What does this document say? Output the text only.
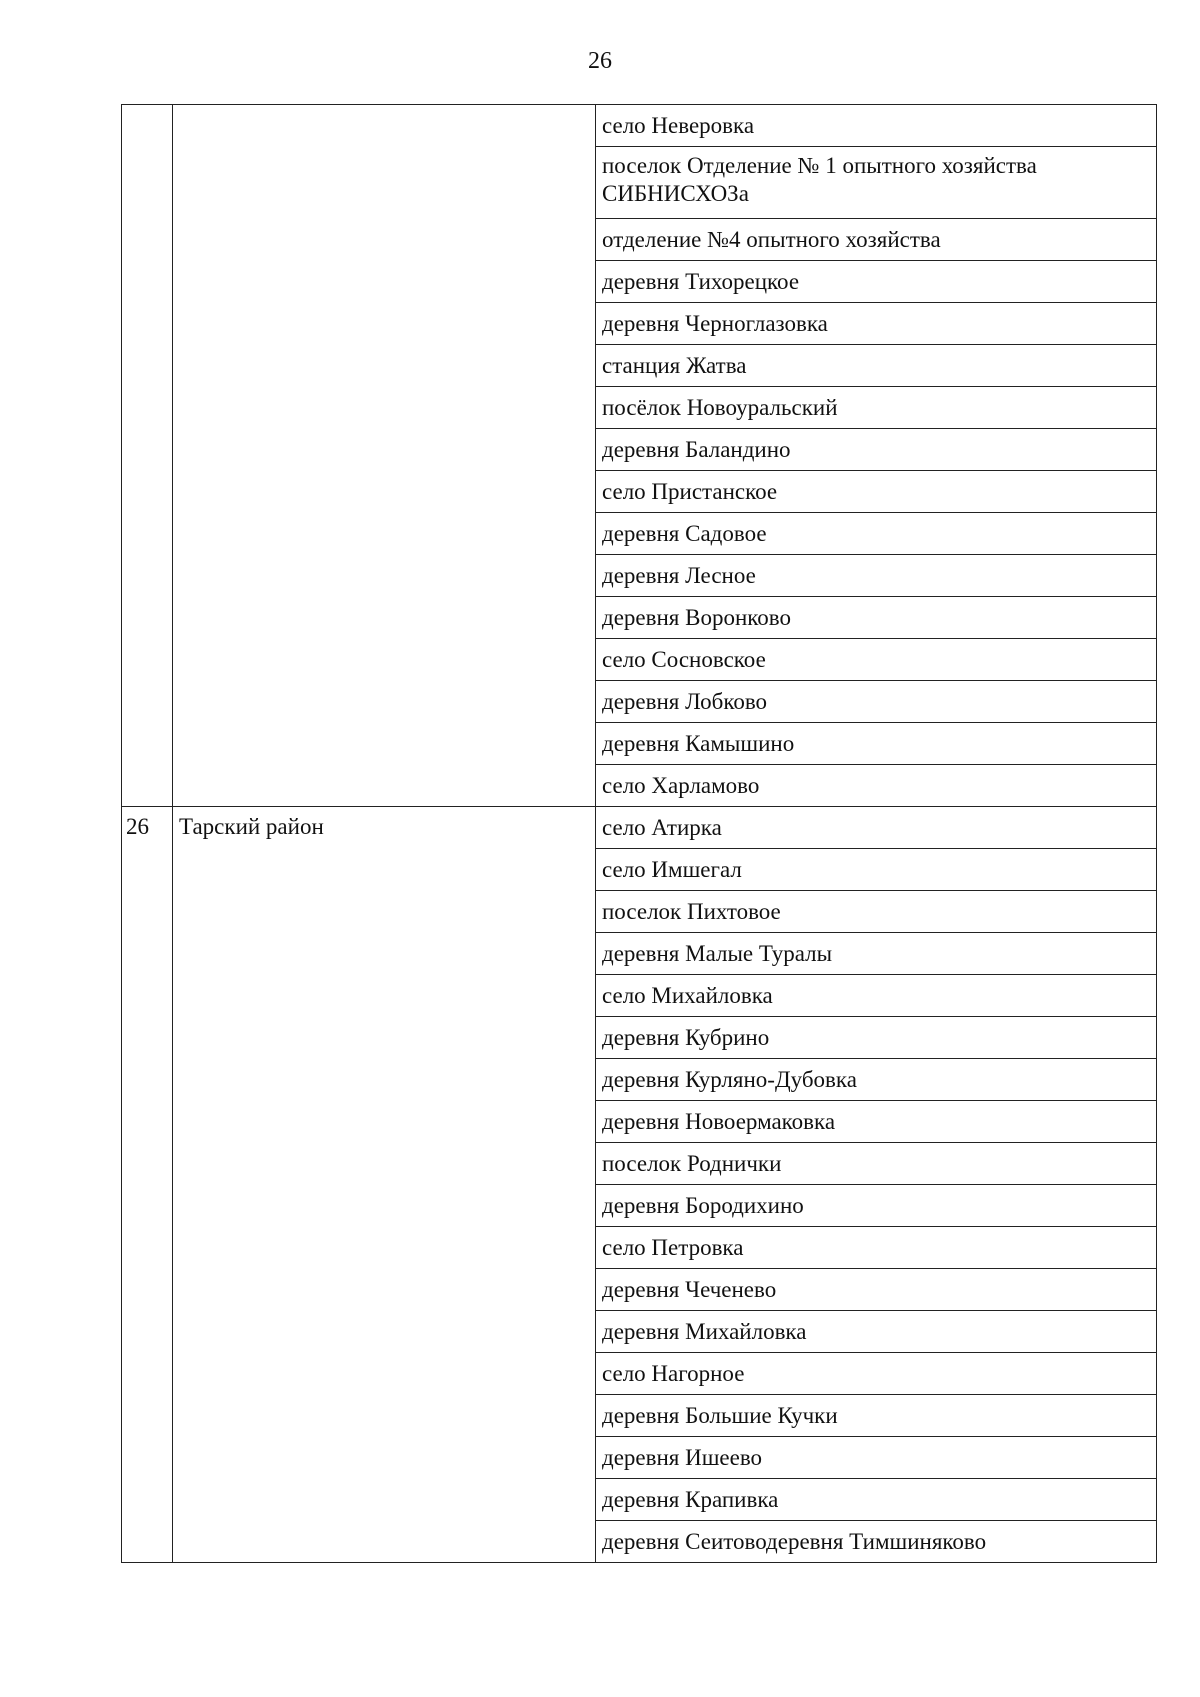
26
		село Неверовка
		поселок Отделение № 1 опытного хозяйства СИБНИСХОЗа
		отделение №4 опытного хозяйства
		деревня Тихорецкое
		деревня Черноглазовка
		станция Жатва
		посёлок Новоуральский
		деревня Баландино
		село Пристанское
		деревня Садовое
		деревня Лесное
		деревня Воронково
		село Сосновское
		деревня Лобково
		деревня Камышино
		село Харламово
26	Тарский район	село Атирка
		село Имшегал
		поселок Пихтовое
		деревня Малые Туралы
		село Михайловка
		деревня Кубрино
		деревня Курляно-Дубовка
		деревня Новоермаковка
		поселок Роднички
		деревня Бородихино
		село Петровка
		деревня Чеченево
		деревня Михайловка
		село Нагорное
		деревня Большие Кучки
		деревня Ишеево
		деревня Крапивка
		деревня Сеитоводеревня Тимшиняково
